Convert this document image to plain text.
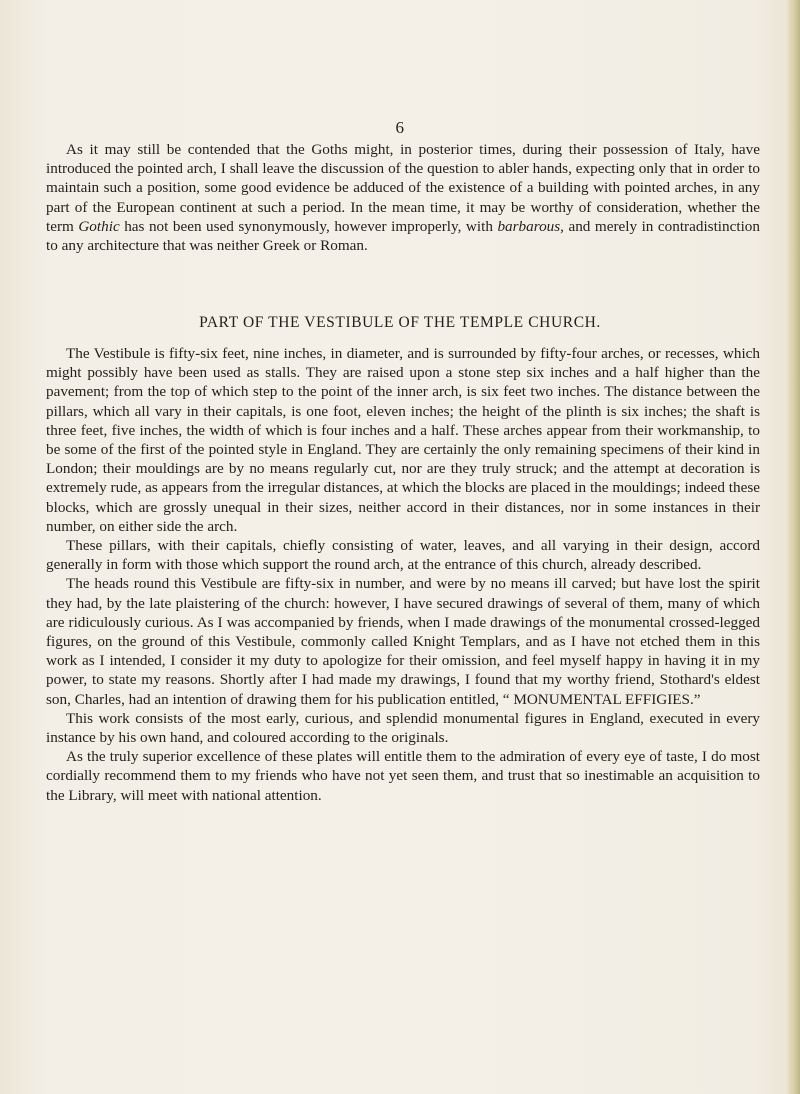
6

As it may still be contended that the Goths might, in posterior times, during their possession of Italy, have introduced the pointed arch, I shall leave the discussion of the question to abler hands, expecting only that in order to maintain such a position, some good evidence be adduced of the existence of a building with pointed arches, in any part of the European continent at such a period. In the mean time, it may be worthy of consideration, whether the term Gothic has not been used synonymously, however improperly, with barbarous, and merely in contradistinction to any architecture that was neither Greek or Roman.

PART OF THE VESTIBULE OF THE TEMPLE CHURCH.

The Vestibule is fifty-six feet, nine inches, in diameter, and is surrounded by fifty-four arches, or recesses, which might possibly have been used as stalls. They are raised upon a stone step six inches and a half higher than the pavement; from the top of which step to the point of the inner arch, is six feet two inches. The distance between the pillars, which all vary in their capitals, is one foot, eleven inches; the height of the plinth is six inches; the shaft is three feet, five inches, the width of which is four inches and a half. These arches appear from their workmanship, to be some of the first of the pointed style in England. They are certainly the only remaining specimens of their kind in London; their mouldings are by no means regularly cut, nor are they truly struck; and the attempt at decoration is extremely rude, as appears from the irregular distances, at which the blocks are placed in the mouldings; indeed these blocks, which are grossly unequal in their sizes, neither accord in their distances, nor in some instances in their number, on either side the arch.

These pillars, with their capitals, chiefly consisting of water, leaves, and all varying in their design, accord generally in form with those which support the round arch, at the entrance of this church, already described.

The heads round this Vestibule are fifty-six in number, and were by no means ill carved; but have lost the spirit they had, by the late plaistering of the church: however, I have secured drawings of several of them, many of which are ridiculously curious. As I was accompanied by friends, when I made drawings of the monumental crossed-legged figures, on the ground of this Vestibule, commonly called Knight Templars, and as I have not etched them in this work as I intended, I consider it my duty to apologize for their omission, and feel myself happy in having it in my power, to state my reasons. Shortly after I had made my drawings, I found that my worthy friend, Stothard's eldest son, Charles, had an intention of drawing them for his publication entitled, “ MONUMENTAL EFFIGIES.”

This work consists of the most early, curious, and splendid monumental figures in England, executed in every instance by his own hand, and coloured according to the originals.

As the truly superior excellence of these plates will entitle them to the admiration of every eye of taste, I do most cordially recommend them to my friends who have not yet seen them, and trust that so inestimable an acquisition to the Library, will meet with national attention.
